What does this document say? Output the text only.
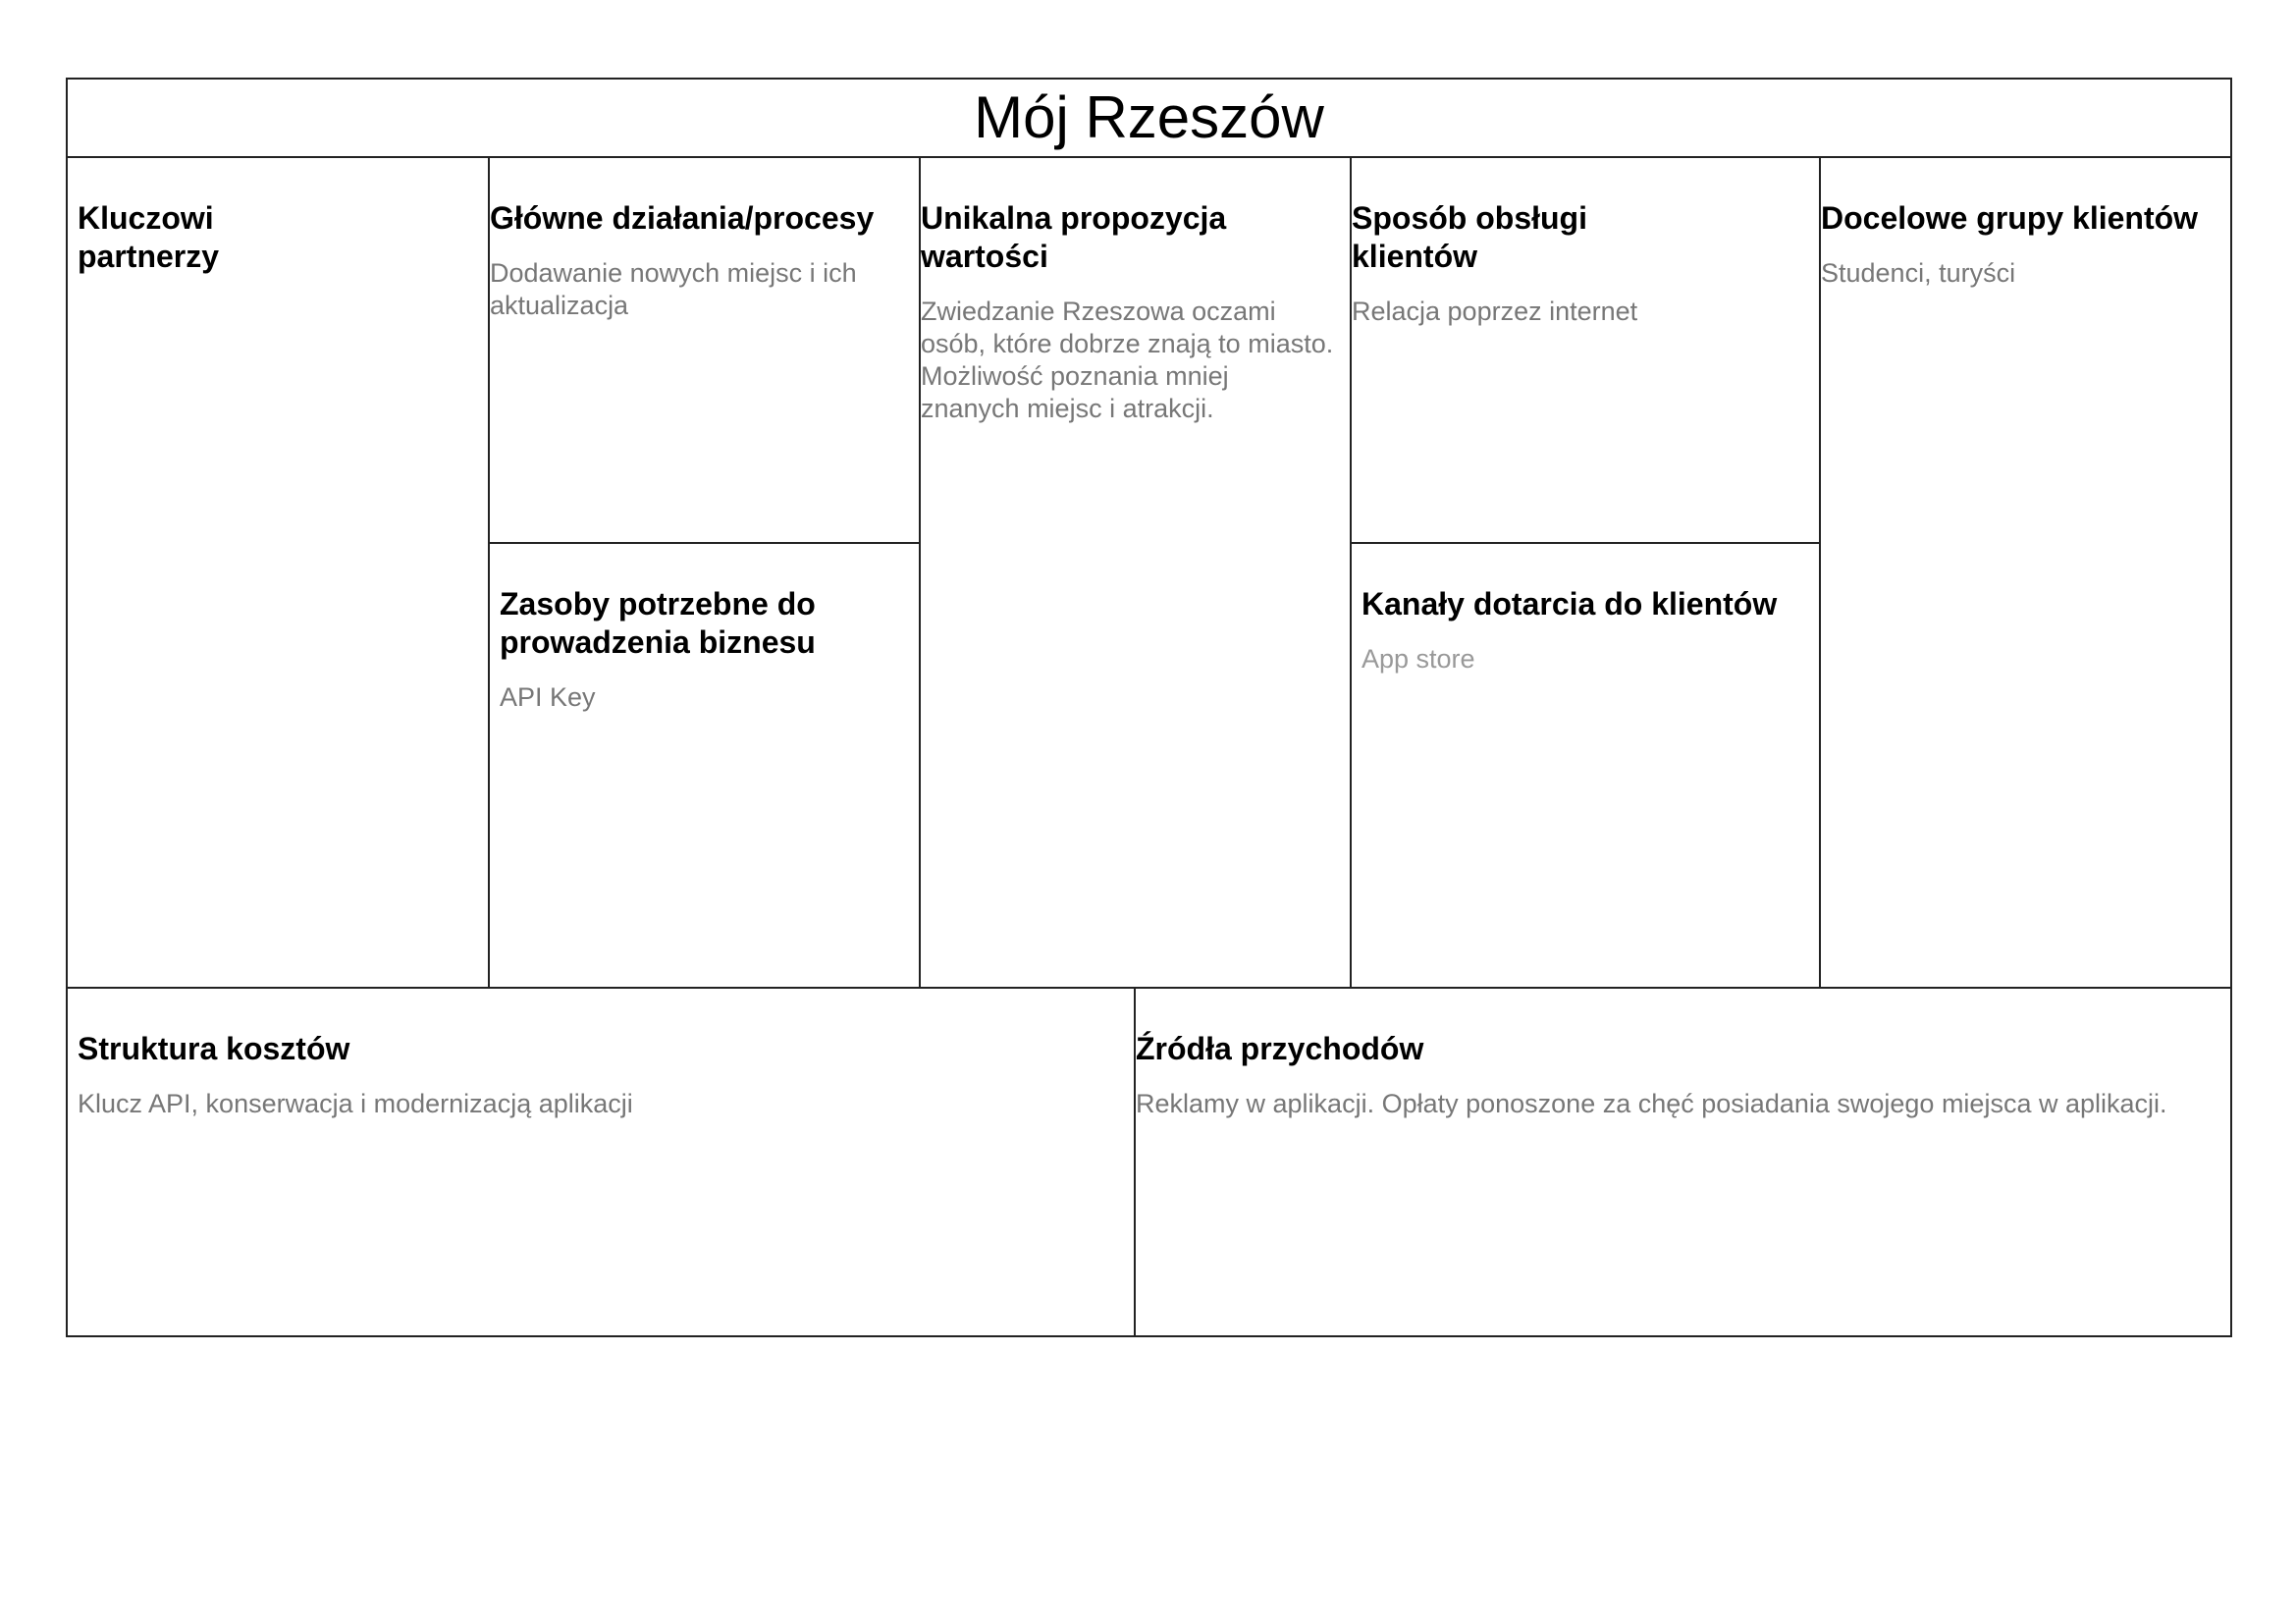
Mój Rzeszów

Kluczowi
partnerzy

Główne działania/procesy

Dodawanie nowych miejsc i ich
aktualizacja

Zasoby potrzebne do
prowadzenia biznesu

API Key

Unikalna propozycja
wartości

Zwiedzanie Rzeszowa oczami
osób, które dobrze znają to miasto.
Możliwość poznania mniej
znanych miejsc i atrakcji.

Sposób obsługi
klientów

Relacja poprzez internet

Kanały dotarcia do klientów

App store

Docelowe grupy klientów

Studenci, turyści

Struktura kosztów

Klucz API, konserwacja i modernizacją aplikacji

Źródła przychodów

Reklamy w aplikacji. Opłaty ponoszone za chęć posiadania swojego miejsca w aplikacji.
